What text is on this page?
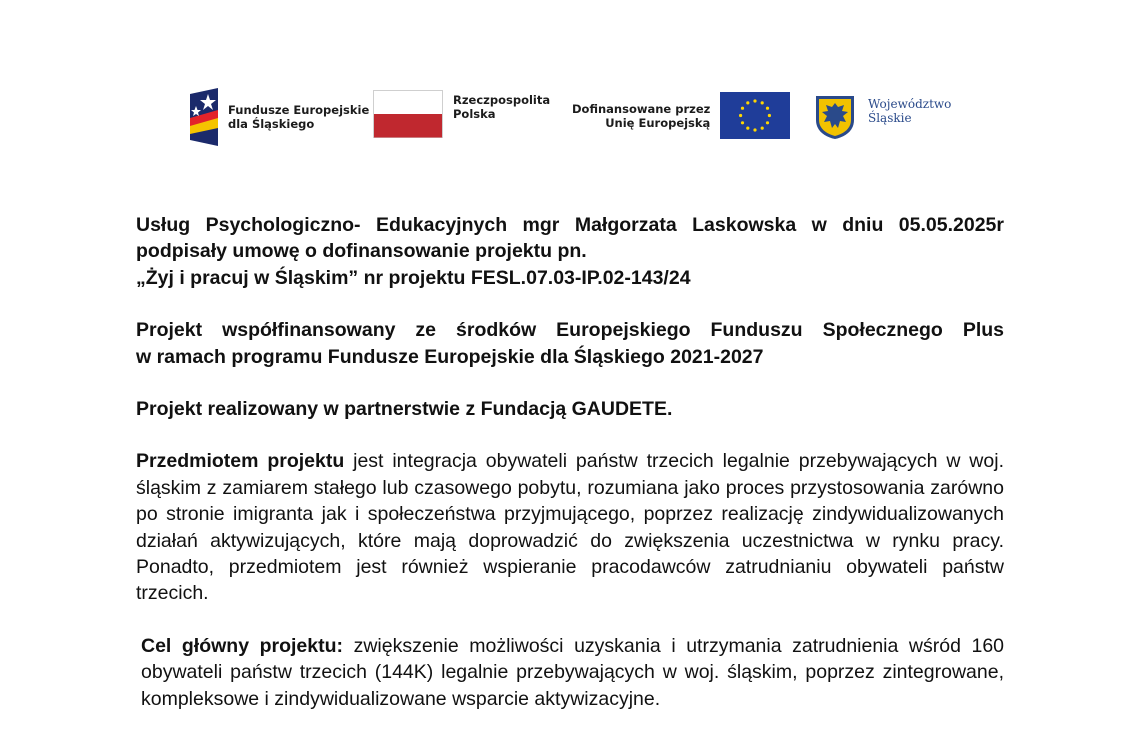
Fundusze Europejskie
dla Śląskiego
Rzeczpospolita
Polska	Dofinansowane przez
Unię Europejską
Województwo
Śląskie

Usług Psychologiczno- Edukacyjnych mgr Małgorzata Laskowska w dniu 05.05.2025r
podpisały umowę o dofinansowanie projektu pn.
„Żyj i pracuj w Śląskim” nr projektu FESL.07.03-IP.02-143/24

Projekt współfinansowany ze środków Europejskiego Funduszu Społecznego Plus
w ramach programu Fundusze Europejskie dla Śląskiego 2021-2027

Projekt realizowany w partnerstwie z Fundacją GAUDETE.

Przedmiotem projektu jest integracja obywateli państw trzecich legalnie przebywających w woj. śląskim z zamiarem stałego lub czasowego pobytu, rozumiana jako proces przystosowania zarówno po stronie imigranta jak i społeczeństwa przyjmującego, poprzez realizację zindywidualizowanych działań aktywizujących, które mają doprowadzić do zwiększenia uczestnictwa w rynku pracy. Ponadto, przedmiotem jest również wspieranie pracodawców zatrudnianiu obywateli państw trzecich.

Cel główny projektu: zwiększenie możliwości uzyskania i utrzymania zatrudnienia wśród 160 obywateli państw trzecich (144K) legalnie przebywających w woj. śląskim, poprzez zintegrowane, kompleksowe i zindywidualizowane wsparcie aktywizacyjne.
